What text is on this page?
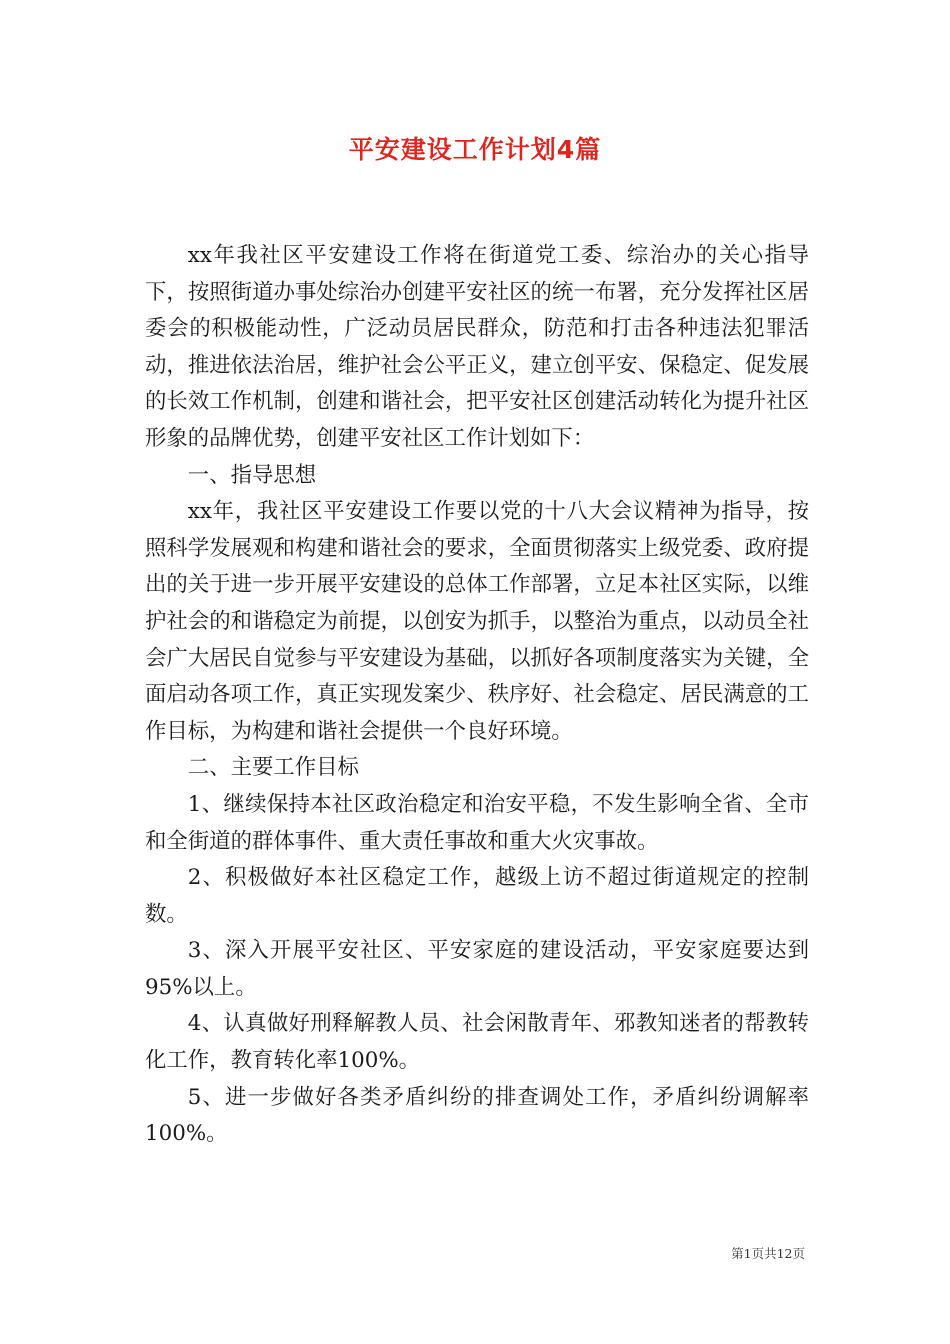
平安建设工作计划4篇

xx年我社区平安建设工作将在街道党工委、综治办的关心指导下，按照街道办事处综治办创建平安社区的统一布署，充分发挥社区居委会的积极能动性，广泛动员居民群众，防范和打击各种违法犯罪活动，推进依法治居，维护社会公平正义，建立创平安、保稳定、促发展的长效工作机制，创建和谐社会，把平安社区创建活动转化为提升社区形象的品牌优势，创建平安社区工作计划如下：

一、指导思想

xx年，我社区平安建设工作要以党的十八大会议精神为指导，按照科学发展观和构建和谐社会的要求，全面贯彻落实上级党委、政府提出的关于进一步开展平安建设的总体工作部署，立足本社区实际，以维护社会的和谐稳定为前提，以创安为抓手，以整治为重点，以动员全社会广大居民自觉参与平安建设为基础，以抓好各项制度落实为关键，全面启动各项工作，真正实现发案少、秩序好、社会稳定、居民满意的工作目标，为构建和谐社会提供一个良好环境。

二、主要工作目标

1、继续保持本社区政治稳定和治安平稳，不发生影响全省、全市和全街道的群体事件、重大责任事故和重大火灾事故。

2、积极做好本社区稳定工作，越级上访不超过街道规定的控制数。

3、深入开展平安社区、平安家庭的建设活动，平安家庭要达到95%以上。

4、认真做好刑释解教人员、社会闲散青年、邪教知迷者的帮教转化工作，教育转化率100%。

5、进一步做好各类矛盾纠纷的排查调处工作，矛盾纠纷调解率100%。

第1页共12页
